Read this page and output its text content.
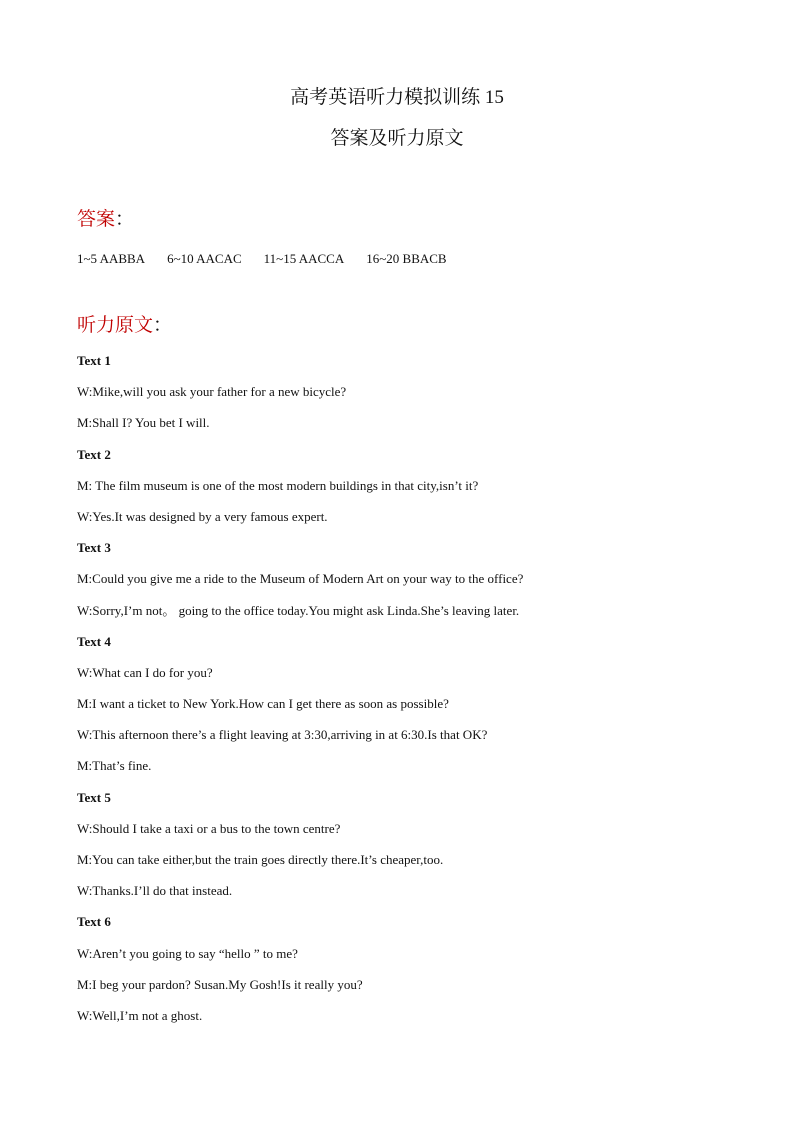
高考英语听力模拟训练 15
答案及听力原文
答案：
1~5 AABBA 6~10 AACAC 11~15 AACCA 16~20 BBACB
听力原文：
Text 1
W:Mike,will you ask your father for a new bicycle?
M:Shall I? You bet I will.
Text 2
M: The film museum is one of the most modern buildings in that city,isn’t it?
W:Yes.It was designed by a very famous expert.
Text 3
M:Could you give me a ride to the Museum of Modern Art on your way to the office?
W:Sorry,I’m not。 going to the office today.You might ask Linda.She’s leaving later.
Text 4
W:What can I do for you?
M:I want a ticket to New York.How can I get there as soon as possible?
W:This afternoon there’s a flight leaving at 3:30,arriving in at 6:30.Is that OK?
M:That’s fine.
Text 5
W:Should I take a taxi or a bus to the town centre?
M:You can take either,but the train goes directly there.It’s cheaper,too.
W:Thanks.I’ll do that instead.
Text 6
W:Aren’t you going to say “hello ” to me?
M:I beg your pardon? Susan.My Gosh!Is it really you?
W:Well,I’m not a ghost.
